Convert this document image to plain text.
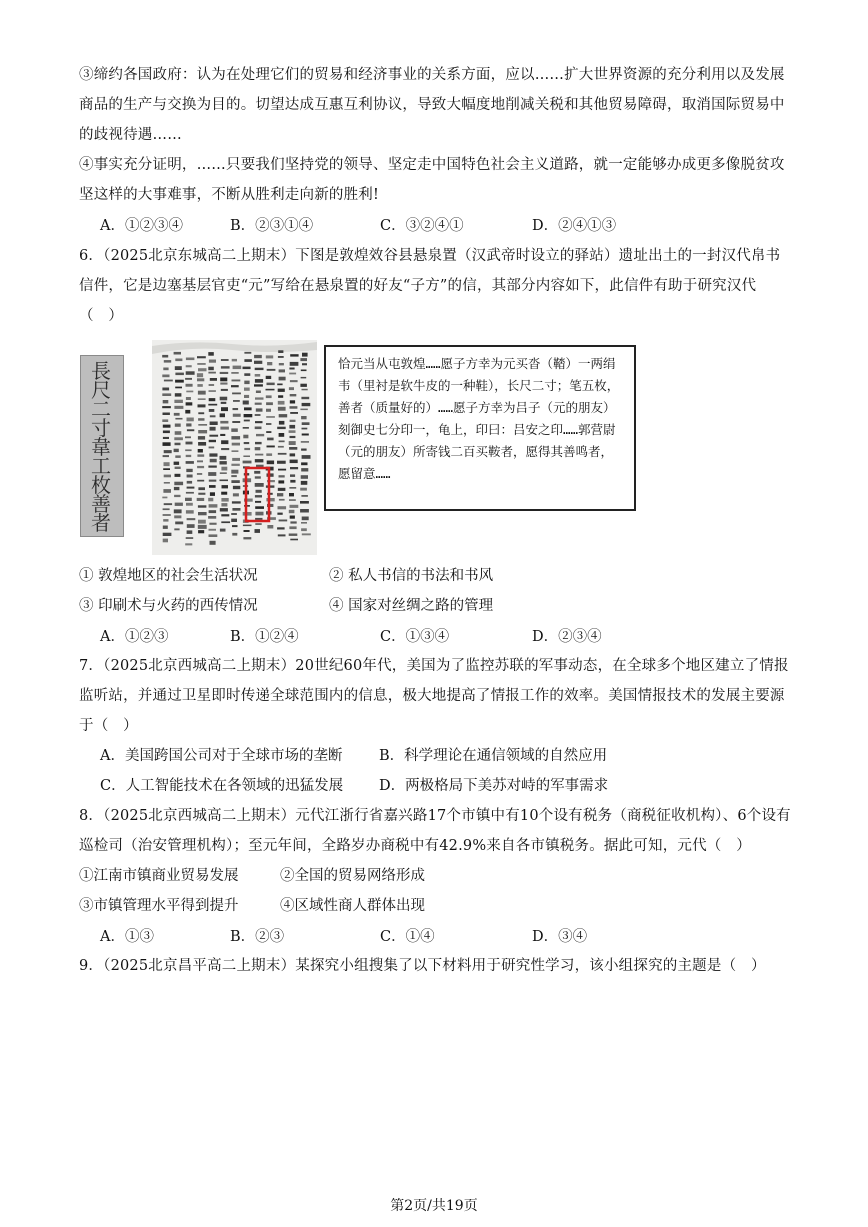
③缔约各国政府：认为在处理它们的贸易和经济事业的关系方面，应以……扩大世界资源的充分利用以及发展商品的生产与交换为目的。切望达成互惠互利协议，导致大幅度地削减关税和其他贸易障碍，取消国际贸易中的歧视待遇……
④事实充分证明，……只要我们坚持党的领导、坚定走中国特色社会主义道路，就一定能够办成更多像脱贫攻坚这样的大事难事，不断从胜利走向新的胜利!
A．①②③④	B．②③①④	C．③②④①	D．②④①③
6．（2025北京东城高二上期末）下图是敦煌效谷县悬泉置（汉武帝时设立的驿站）遗址出土的一封汉代帛书信件，它是边塞基层官吏“元”写给在悬泉置的好友“子方”的信，其部分内容如下，此信件有助于研究汉代（　）
長
尺
二
寸
韋
工
枚
善
者
恰元当从屯敦煌……愿子方幸为元买沓（鞜）一两绢韦（里衬是软牛皮的一种鞋），长尺二寸；笔五枚，善者（质量好的）……愿子方幸为吕子（元的朋友）刻御史七分印一，龟上，印曰：吕安之印……郭营尉（元的朋友）所寄钱二百买鞍者，愿得其善鸣者，愿留意……
① 敦煌地区的社会生活状况	② 私人书信的书法和书风
③ 印刷术与火药的西传情况	④ 国家对丝绸之路的管理
A．①②③	B．①②④	C．①③④	D．②③④
7．（2025北京西城高二上期末）20世纪60年代，美国为了监控苏联的军事动态，在全球多个地区建立了情报监听站，并通过卫星即时传递全球范围内的信息，极大地提高了情报工作的效率。美国情报技术的发展主要源于（　）
A．美国跨国公司对于全球市场的垄断	B．科学理论在通信领域的自然应用
C．人工智能技术在各领域的迅猛发展 D．两极格局下美苏对峙的军事需求
8．（2025北京西城高二上期末）元代江浙行省嘉兴路17个市镇中有10个设有税务（商税征收机构）、6个设有巡检司（治安管理机构）；至元年间，全路岁办商税中有42.9%来自各市镇税务。据此可知，元代（　）
①江南市镇商业贸易发展	②全国的贸易网络形成
③市镇管理水平得到提升	④区域性商人群体出现
A．①③	B．②③	C．①④	D．③④
9．（2025北京昌平高二上期末）某探究小组搜集了以下材料用于研究性学习，该小组探究的主题是（　）
第2页/共19页
